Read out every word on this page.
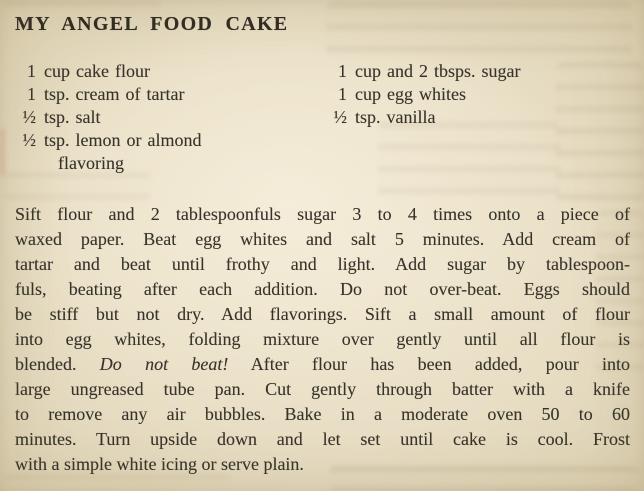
MY ANGEL FOOD CAKE
1 cup cake flour
1 tsp. cream of tartar
½ tsp. salt
½ tsp. lemon or almond
flavoring
1 cup and 2 tbsps. sugar
1 cup egg whites
½ tsp. vanilla
Sift flour and 2 tablespoonfuls sugar 3 to 4 times onto a piece of
waxed paper. Beat egg whites and salt 5 minutes. Add cream of
tartar and beat until frothy and light. Add sugar by tablespoon-
fuls, beating after each addition. Do not over-beat. Eggs should
be stiff but not dry. Add flavorings. Sift a small amount of flour
into egg whites, folding mixture over gently until all flour is
blended. Do not beat! After flour has been added, pour into
large ungreased tube pan. Cut gently through batter with a knife
to remove any air bubbles. Bake in a moderate oven 50 to 60
minutes. Turn upside down and let set until cake is cool. Frost
with a simple white icing or serve plain.
